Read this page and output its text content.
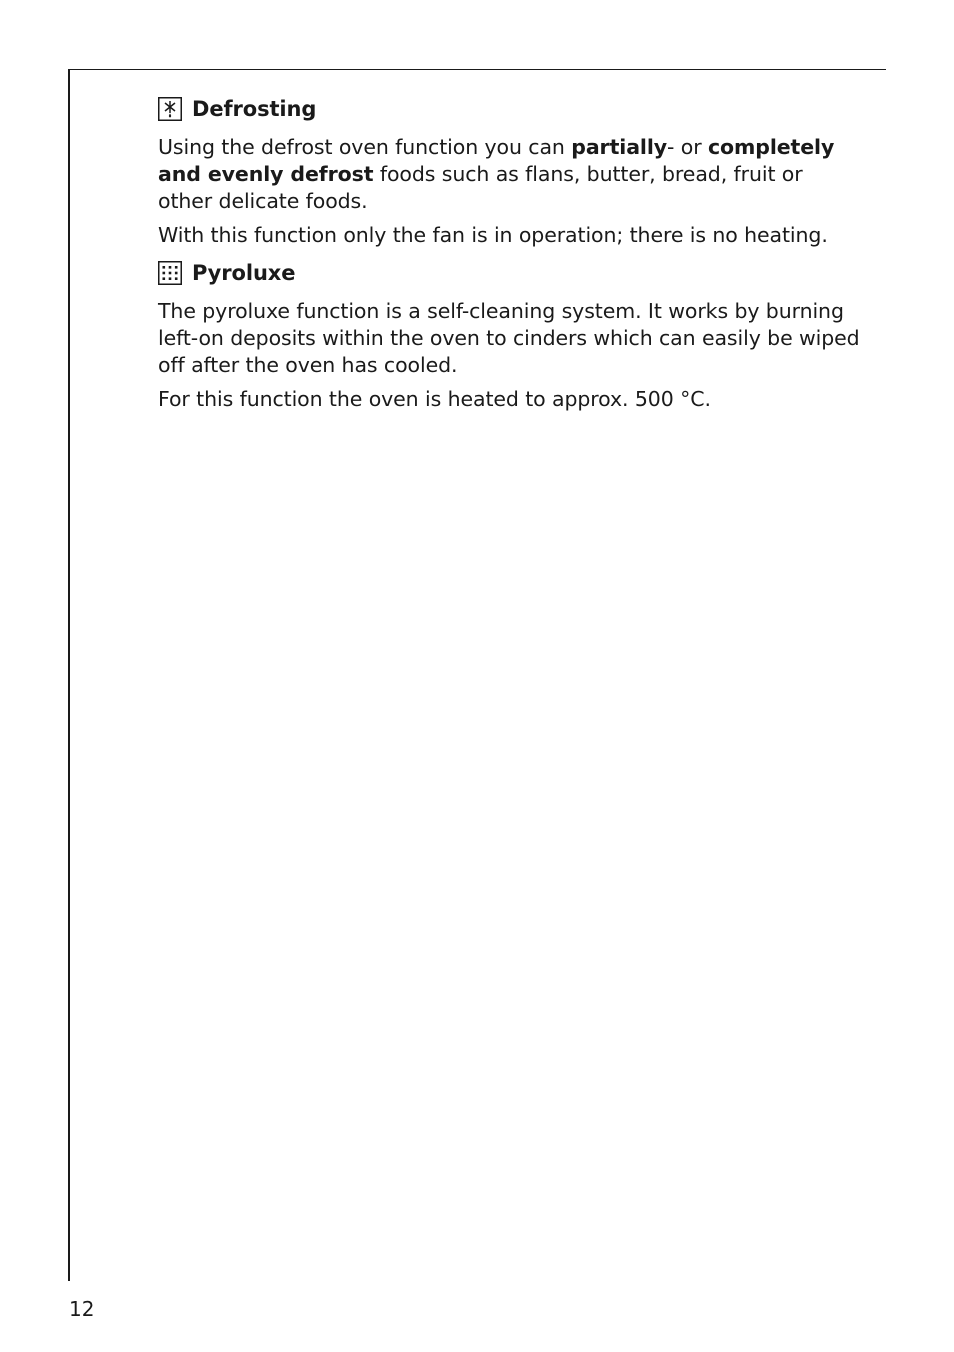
Defrosting

Using the defrost oven function you can partially- or completely and evenly defrost foods such as flans, butter, bread, fruit or other delicate foods.

With this function only the fan is in operation; there is no heating.

Pyroluxe

The pyroluxe function is a self-cleaning system. It works by burning left-on deposits within the oven to cinders which can easily be wiped off after the oven has cooled.

For this function the oven is heated to approx. 500 °C.

12
